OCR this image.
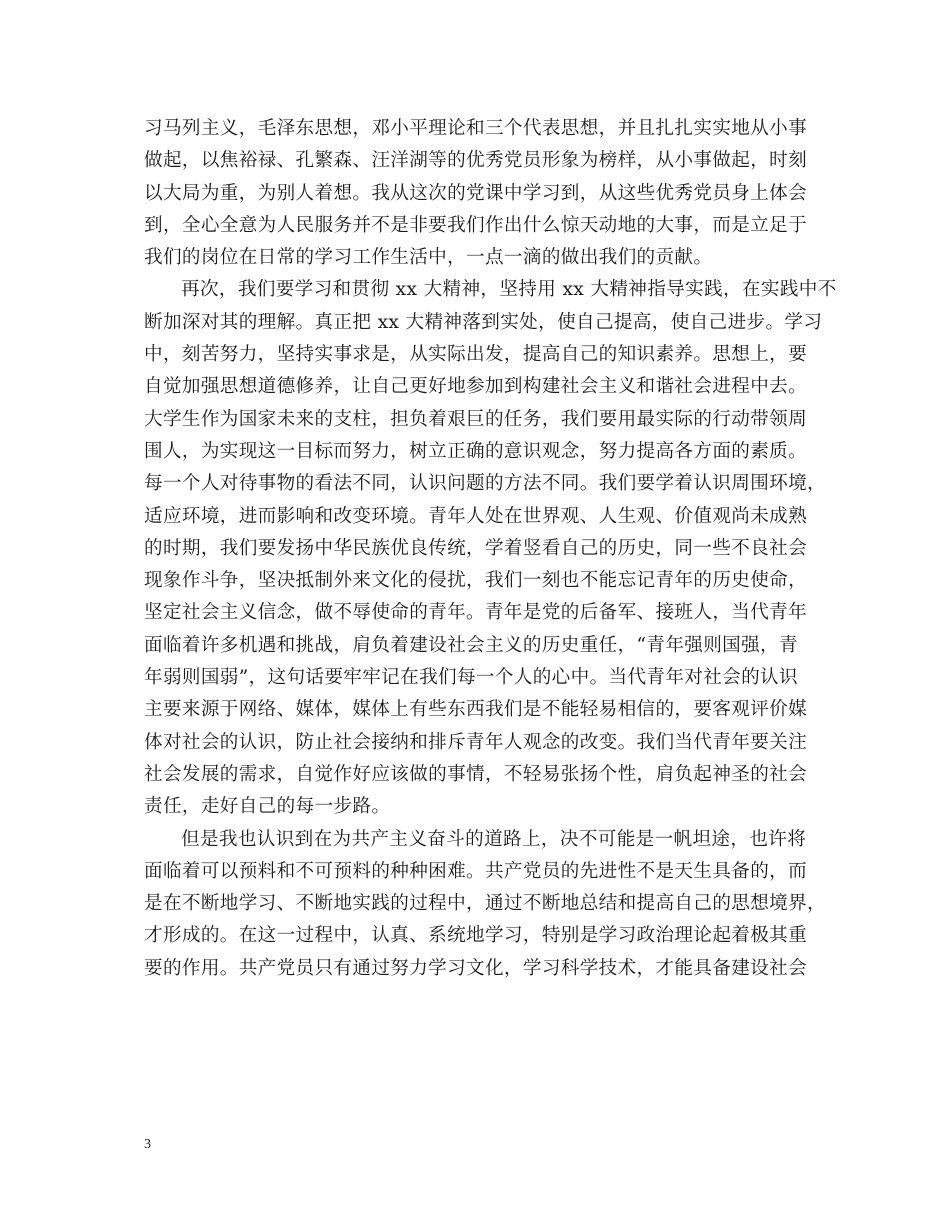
习马列主义，毛泽东思想，邓小平理论和三个代表思想，并且扎扎实实地从小事
做起，以焦裕禄、孔繁森、汪洋湖等的优秀党员形象为榜样，从小事做起，时刻
以大局为重，为别人着想。我从这次的党课中学习到，从这些优秀党员身上体会
到，全心全意为人民服务并不是非要我们作出什么惊天动地的大事，而是立足于
我们的岗位在日常的学习工作生活中，一点一滴的做出我们的贡献。
再次，我们要学习和贯彻 xx 大精神，坚持用 xx 大精神指导实践，在实践中不
断加深对其的理解。真正把 xx 大精神落到实处，使自己提高，使自己进步。学习
中，刻苦努力，坚持实事求是，从实际出发，提高自己的知识素养。思想上，要
自觉加强思想道德修养，让自己更好地参加到构建社会主义和谐社会进程中去。
大学生作为国家未来的支柱，担负着艰巨的任务，我们要用最实际的行动带领周
围人，为实现这一目标而努力，树立正确的意识观念，努力提高各方面的素质。
每一个人对待事物的看法不同，认识问题的方法不同。我们要学着认识周围环境，
适应环境，进而影响和改变环境。青年人处在世界观、人生观、价值观尚未成熟
的时期，我们要发扬中华民族优良传统，学着竖看自己的历史，同一些不良社会
现象作斗争，坚决抵制外来文化的侵扰，我们一刻也不能忘记青年的历史使命，
坚定社会主义信念，做不辱使命的青年。青年是党的后备军、接班人，当代青年
面临着许多机遇和挑战，肩负着建设社会主义的历史重任，“青年强则国强，青
年弱则国弱”，这句话要牢牢记在我们每一个人的心中。当代青年对社会的认识
主要来源于网络、媒体，媒体上有些东西我们是不能轻易相信的，要客观评价媒
体对社会的认识，防止社会接纳和排斥青年人观念的改变。我们当代青年要关注
社会发展的需求，自觉作好应该做的事情，不轻易张扬个性，肩负起神圣的社会
责任，走好自己的每一步路。
但是我也认识到在为共产主义奋斗的道路上，决不可能是一帆坦途，也许将
面临着可以预料和不可预料的种种困难。共产党员的先进性不是天生具备的，而
是在不断地学习、不断地实践的过程中，通过不断地总结和提高自己的思想境界，
才形成的。在这一过程中，认真、系统地学习，特别是学习政治理论起着极其重
要的作用。共产党员只有通过努力学习文化，学习科学技术，才能具备建设社会
3
